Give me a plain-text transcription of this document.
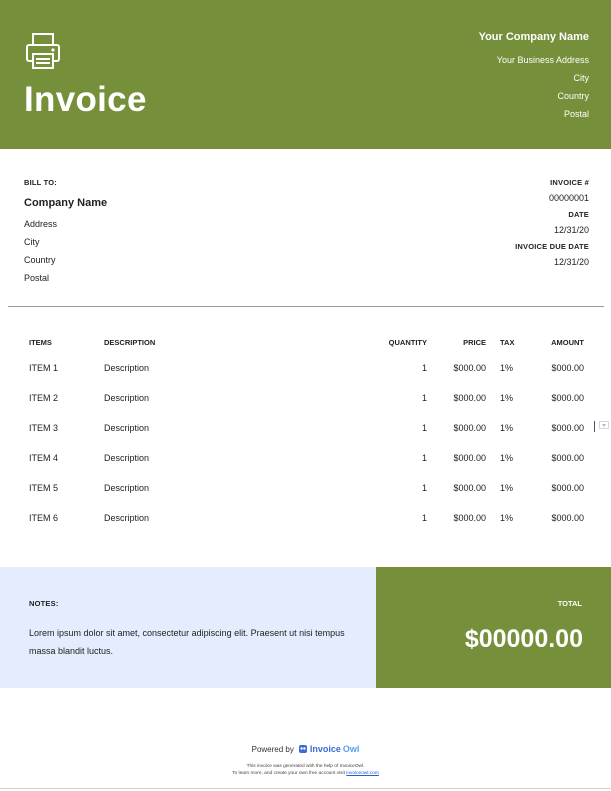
Invoice
Your Company Name
Your Business Address
City
Country
Postal
BILL TO:
Company Name
Address
City
Country
Postal
INVOICE #
00000001
DATE
12/31/20
INVOICE DUE DATE
12/31/20
ITEMS	DESCRIPTION	QUANTITY	PRICE TAX	AMOUNT
ITEM 1	Description	1	$000.00 1%	$000.00
ITEM 2	Description	1	$000.00 1%	$000.00
ITEM 3	Description	1	$000.00 1%	$000.00
ITEM 4	Description	1	$000.00 1%	$000.00
ITEM 5	Description	1	$000.00 1%	$000.00
ITEM 6	Description	1	$000.00 1%	$000.00
NOTES:
Lorem ipsum dolor sit amet, consectetur adipiscing elit. Praesent ut nisi tempus massa blandit luctus.
TOTAL
$00000.00
Powered by Invoice Owl
This invoice was generated with the help of InvoiceOwl.
To learn more, and create your own free account visit invoiceowl.com
